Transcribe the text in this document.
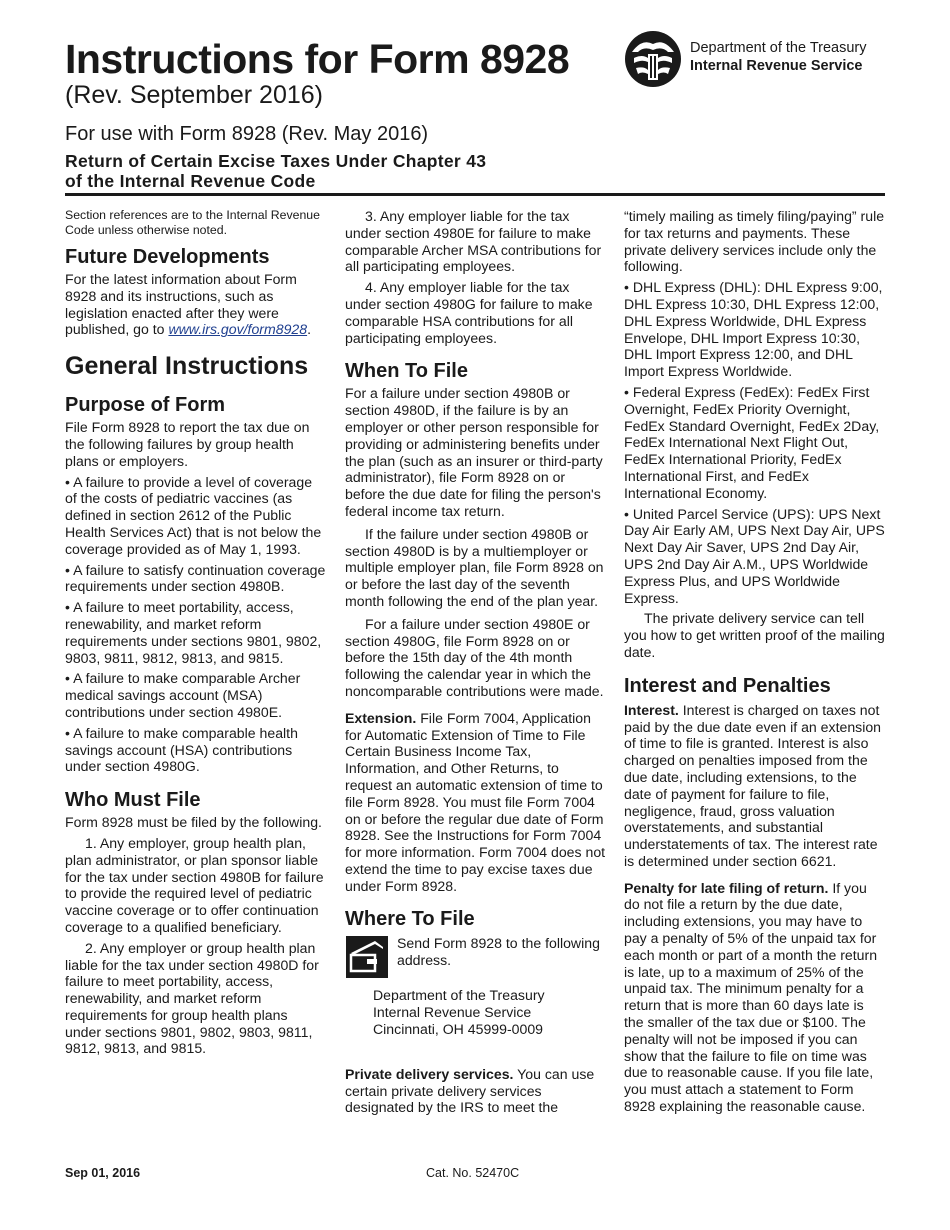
Instructions for Form 8928
(Rev. September 2016)
For use with Form 8928 (Rev. May 2016)
Return of Certain Excise Taxes Under Chapter 43
of the Internal Revenue Code
Department of the Treasury
Internal Revenue Service

Section references are to the Internal Revenue Code unless otherwise noted.

Future Developments

For the latest information about Form 8928 and its instructions, such as legislation enacted after they were published, go to www.irs.gov/form8928.

General Instructions
Purpose of Form

File Form 8928 to report the tax due on the following failures by group health plans or employers.

• A failure to provide a level of coverage of the costs of pediatric vaccines (as defined in section 2612 of the Public Health Services Act) that is not below the coverage provided as of May 1, 1993.

• A failure to satisfy continuation coverage requirements under section 4980B.

• A failure to meet portability, access, renewability, and market reform requirements under sections 9801, 9802, 9803, 9811, 9812, 9813, and 9815.

• A failure to make comparable Archer medical savings account (MSA) contributions under section 4980E.

• A failure to make comparable health savings account (HSA) contributions under section 4980G.

Who Must File

Form 8928 must be filed by the following.

1. Any employer, group health plan, plan administrator, or plan sponsor liable for the tax under section 4980B for failure to provide the required level of pediatric vaccine coverage or to offer continuation coverage to a qualified beneficiary.

2. Any employer or group health plan liable for the tax under section 4980D for failure to meet portability, access, renewability, and market reform requirements for group health plans under sections 9801, 9802, 9803, 9811, 9812, 9813, and 9815.

3. Any employer liable for the tax under section 4980E for failure to make comparable Archer MSA contributions for all participating employees.

4. Any employer liable for the tax under section 4980G for failure to make comparable HSA contributions for all participating employees.

When To File

For a failure under section 4980B or section 4980D, if the failure is by an employer or other person responsible for providing or administering benefits under the plan (such as an insurer or third-party administrator), file Form 8928 on or before the due date for filing the person's federal income tax return.

If the failure under section 4980B or section 4980D is by a multiemployer or multiple employer plan, file Form 8928 on or before the last day of the seventh month following the end of the plan year.

For a failure under section 4980E or section 4980G, file Form 8928 on or before the 15th day of the 4th month following the calendar year in which the noncomparable contributions were made.

Extension. File Form 7004, Application for Automatic Extension of Time to File Certain Business Income Tax, Information, and Other Returns, to request an automatic extension of time to file Form 8928. You must file Form 7004 on or before the regular due date of Form 8928. See the Instructions for Form 7004 for more information. Form 7004 does not extend the time to pay excise taxes due under Form 8928.

Where To File
Send Form 8928 to the following address.
Department of the Treasury
Internal Revenue Service
Cincinnati, OH 45999-0009

Private delivery services. You can use certain private delivery services designated by the IRS to meet the

“timely mailing as timely filing/paying” rule for tax returns and payments. These private delivery services include only the following.

• DHL Express (DHL): DHL Express 9:00, DHL Express 10:30, DHL Express 12:00, DHL Express Worldwide, DHL Express Envelope, DHL Import Express 10:30, DHL Import Express 12:00, and DHL Import Express Worldwide.

• Federal Express (FedEx): FedEx First Overnight, FedEx Priority Overnight, FedEx Standard Overnight, FedEx 2Day, FedEx International Next Flight Out, FedEx International Priority, FedEx International First, and FedEx International Economy.

• United Parcel Service (UPS): UPS Next Day Air Early AM, UPS Next Day Air, UPS Next Day Air Saver, UPS 2nd Day Air, UPS 2nd Day Air A.M., UPS Worldwide Express Plus, and UPS Worldwide Express.

The private delivery service can tell you how to get written proof of the mailing date.

Interest and Penalties

Interest. Interest is charged on taxes not paid by the due date even if an extension of time to file is granted. Interest is also charged on penalties imposed from the due date, including extensions, to the date of payment for failure to file, negligence, fraud, gross valuation overstatements, and substantial understatements of tax. The interest rate is determined under section 6621.

Penalty for late filing of return. If you do not file a return by the due date, including extensions, you may have to pay a penalty of 5% of the unpaid tax for each month or part of a month the return is late, up to a maximum of 25% of the unpaid tax. The minimum penalty for a return that is more than 60 days late is the smaller of the tax due or $100. The penalty will not be imposed if you can show that the failure to file on time was due to reasonable cause. If you file late, you must attach a statement to Form 8928 explaining the reasonable cause.

Sep 01, 2016	Cat. No. 52470C
